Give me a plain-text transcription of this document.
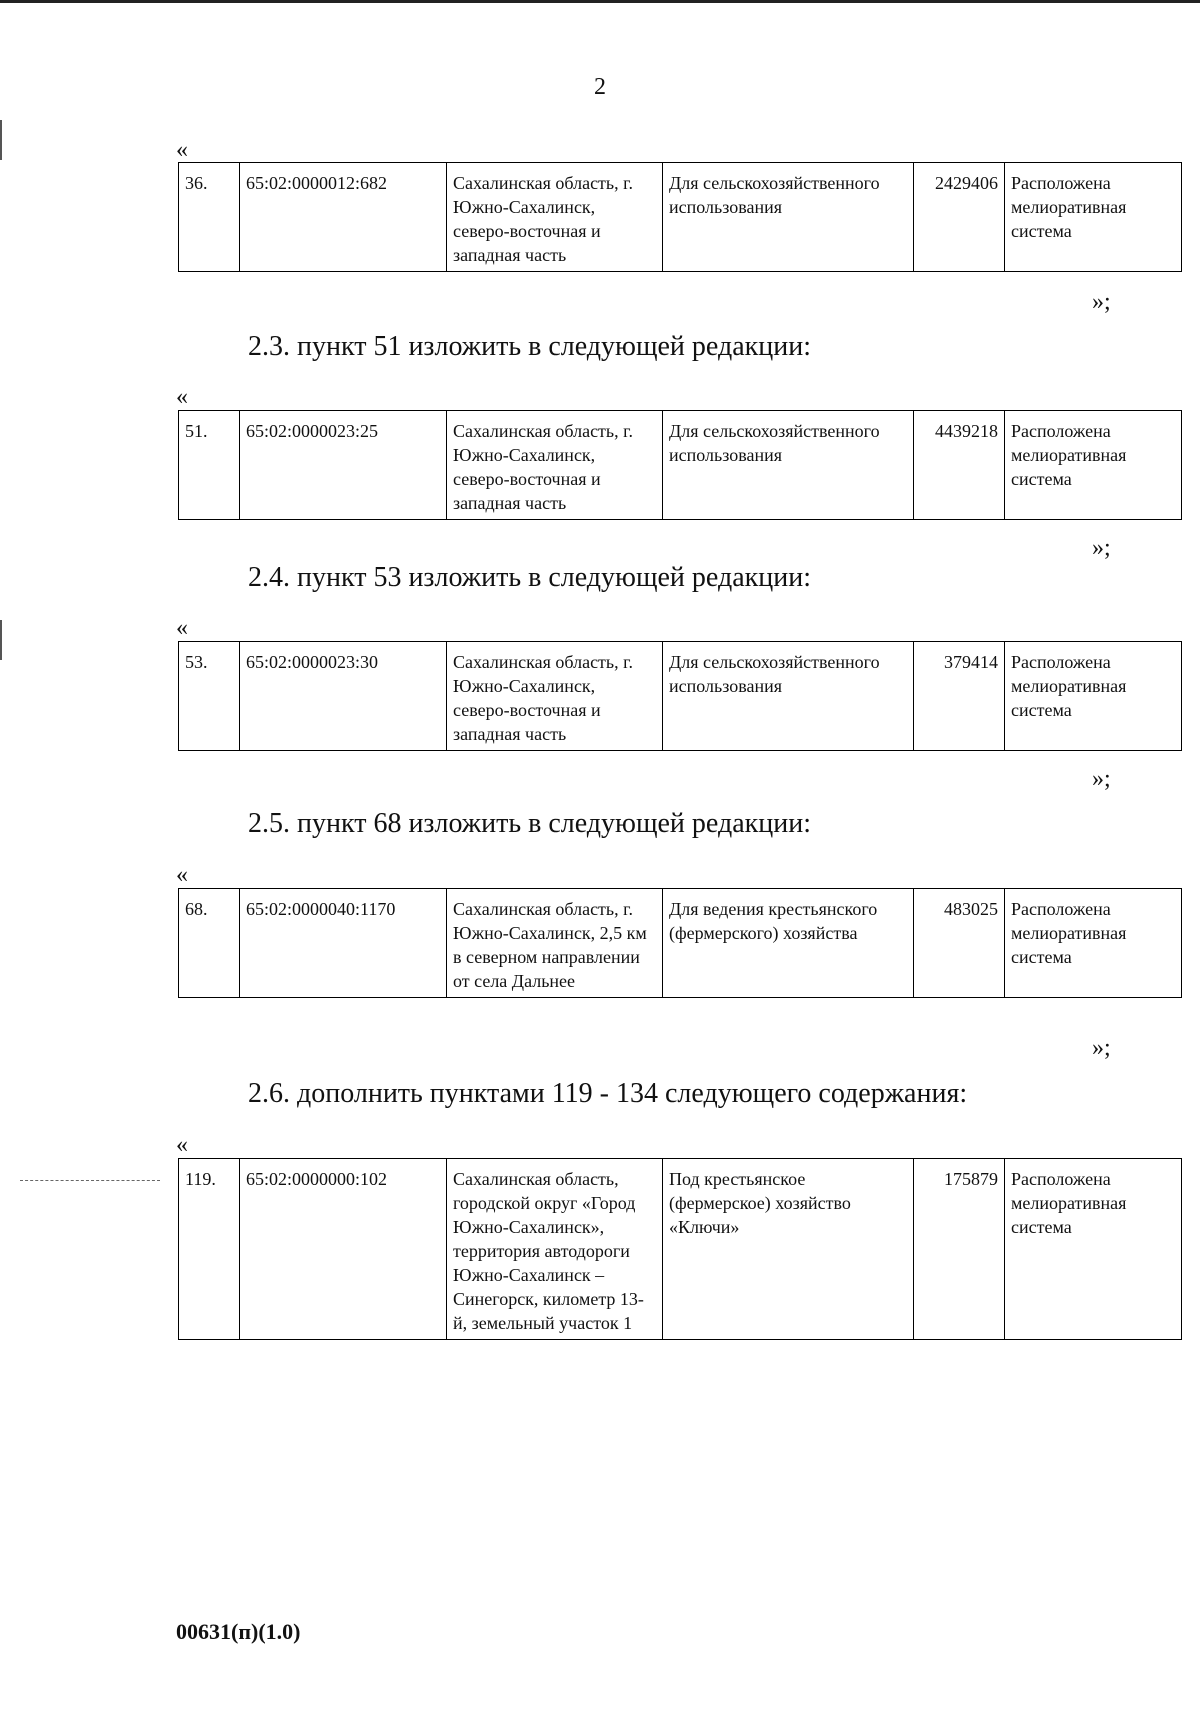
2
«
36.	65:02:0000012:682	Сахалинская область, г. Южно-Сахалинск, северо-восточная и западная часть	Для сельскохозяйственного использования	2429406	Расположена мелиоративная система
»;
2.3. пункт 51 изложить в следующей редакции:
«
51.	65:02:0000023:25	Сахалинская область, г. Южно-Сахалинск, северо-восточная и западная часть	Для сельскохозяйственного использования	4439218	Расположена мелиоративная система
»;
2.4. пункт 53 изложить в следующей редакции:
«
53.	65:02:0000023:30	Сахалинская область, г. Южно-Сахалинск, северо-восточная и западная часть	Для сельскохозяйственного использования	379414	Расположена мелиоративная система
»;
2.5. пункт 68 изложить в следующей редакции:
«
68.	65:02:0000040:1170	Сахалинская область, г. Южно-Сахалинск, 2,5 км в северном направлении от села Дальнее	Для ведения крестьянского (фермерского) хозяйства	483025	Расположена мелиоративная система
»;
2.6. дополнить пунктами 119 - 134 следующего содержания:
«
119.	65:02:0000000:102	Сахалинская область, городской округ «Город Южно-Сахалинск», территория автодороги Южно-Сахалинск – Синегорск, километр 13-й, земельный участок 1	Под крестьянское (фермерское) хозяйство «Ключи»	175879	Расположена мелиоративная система
00631(п)(1.0)
